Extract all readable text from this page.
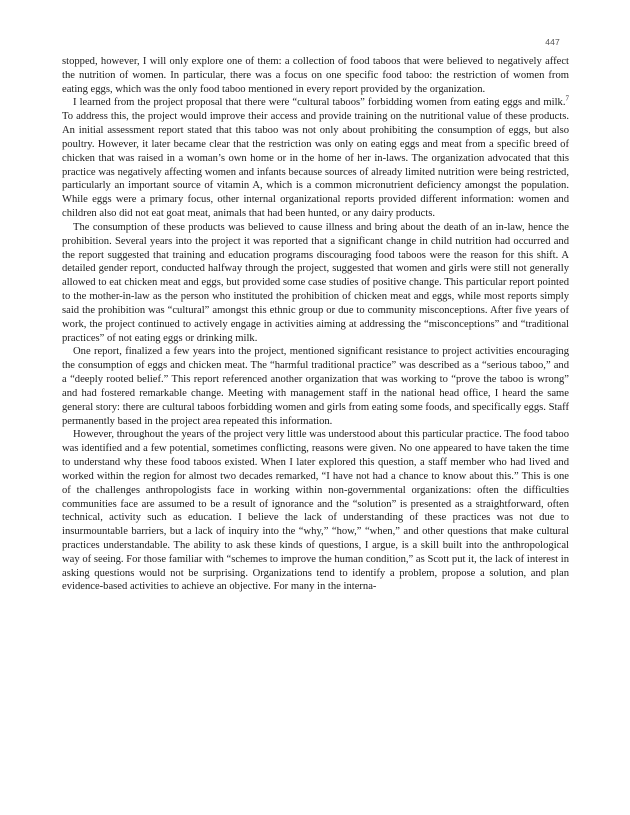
447

stopped, however, I will only explore one of them: a collection of food taboos that were believed to negatively affect the nutrition of women. In particular, there was a focus on one specific food taboo: the restriction of women from eating eggs, which was the only food taboo mentioned in every report provided by the organization.

I learned from the project proposal that there were “cultural taboos” forbidding women from eating eggs and milk.$^7$ To address this, the project would improve their access and provide training on the nutritional value of these products. An initial assessment report stated that this taboo was not only about prohibiting the consumption of eggs, but also poultry. However, it later became clear that the restriction was only on eating eggs and meat from a specific breed of chicken that was raised in a woman’s own home or in the home of her in-laws. The organization advocated that this practice was negatively affecting women and infants because sources of already limited nutrition were being restricted, particularly an important source of vitamin A, which is a common micronutrient deficiency amongst the population. While eggs were a primary focus, other internal organizational reports provided different information: women and children also did not eat goat meat, animals that had been hunted, or any dairy products.

The consumption of these products was believed to cause illness and bring about the death of an in-law, hence the prohibition. Several years into the project it was reported that a significant change in child nutrition had occurred and the report suggested that training and education programs discouraging food taboos were the reason for this shift. A detailed gender report, conducted halfway through the project, suggested that women and girls were still not generally allowed to eat chicken meat and eggs, but provided some case studies of positive change. This particular report pointed to the mother-in-law as the person who instituted the prohibition of chicken meat and eggs, while most reports simply said the prohibition was “cultural” amongst this ethnic group or due to community misconceptions. After five years of work, the project continued to actively engage in activities aiming at addressing the “misconceptions” and “traditional practices” of not eating eggs or drinking milk.

One report, finalized a few years into the project, mentioned significant resistance to project activities encouraging the consumption of eggs and chicken meat. The “harmful traditional practice” was described as a “serious taboo,” and a “deeply rooted belief.” This report referenced another organization that was working to “prove the taboo is wrong” and had fostered remarkable change. Meeting with management staff in the national head office, I heard the same general story: there are cultural taboos forbidding women and girls from eating some foods, and specifically eggs. Staff permanently based in the project area repeated this information.

However, throughout the years of the project very little was understood about this particular practice. The food taboo was identified and a few potential, sometimes conflicting, reasons were given. No one appeared to have taken the time to understand why these food taboos existed. When I later explored this question, a staff member who had lived and worked within the region for almost two decades remarked, “I have not had a chance to know about this.” This is one of the challenges anthropologists face in working within non-governmental organizations: often the difficulties communities face are assumed to be a result of ignorance and the “solution” is presented as a straightforward, often technical, activity such as education. I believe the lack of understanding of these practices was not due to insurmountable barriers, but a lack of inquiry into the “why,” “how,” “when,” and other questions that make cultural practices understandable. The ability to ask these kinds of questions, I argue, is a skill built into the anthropological way of seeing. For those familiar with “schemes to improve the human condition,” as Scott put it, the lack of interest in asking questions would not be surprising. Organizations tend to identify a problem, propose a solution, and plan evidence-based activities to achieve an objective. For many in the interna-
